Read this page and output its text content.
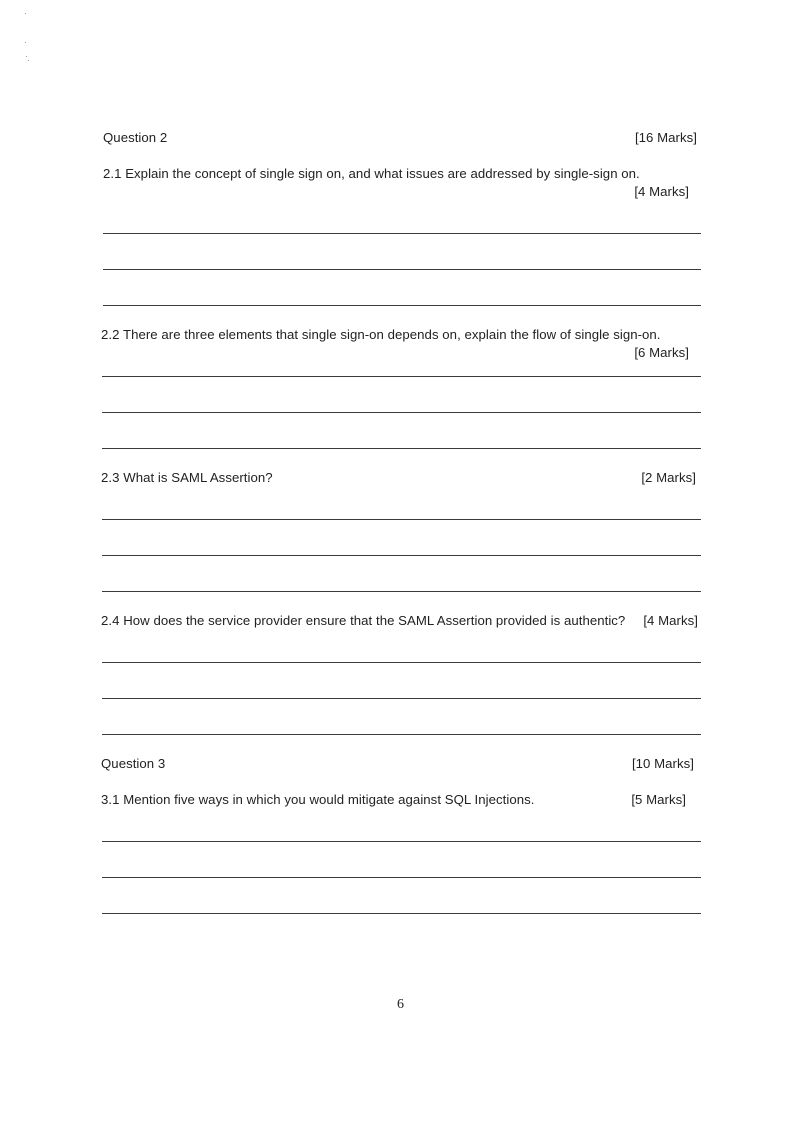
Question 2	[16 Marks]
2.1 Explain the concept of single sign on, and what issues are addressed by single-sign on.
[4 Marks]
2.2 There are three elements that single sign-on depends on, explain the flow of single sign-on.
[6 Marks]
2.3 What is SAML Assertion?	[2 Marks]
2.4 How does the service provider ensure that the SAML Assertion provided is authentic? [4 Marks]
Question 3	[10 Marks]
3.1 Mention five ways in which you would mitigate against SQL Injections.	[5 Marks]
6
